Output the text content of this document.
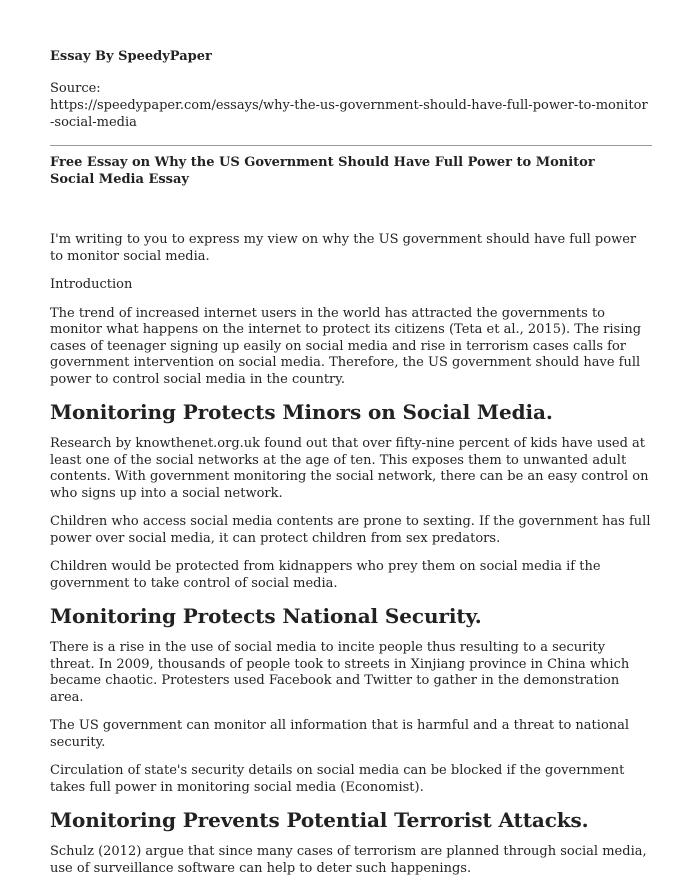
Essay By SpeedyPaper
Source:
https://speedypaper.com/essays/why-the-us-government-should-have-full-power-to-monitor-social-media
Free Essay on Why the US Government Should Have Full Power to Monitor Social Media Essay

I'm writing to you to express my view on why the US government should have full power to monitor social media.

Introduction

The trend of increased internet users in the world has attracted the governments to monitor what happens on the internet to protect its citizens (Teta et al., 2015). The rising cases of teenager signing up easily on social media and rise in terrorism cases calls for government intervention on social media. Therefore, the US government should have full power to control social media in the country.

Monitoring Protects Minors on Social Media.

Research by knowthenet.org.uk found out that over fifty-nine percent of kids have used at least one of the social networks at the age of ten. This exposes them to unwanted adult contents. With government monitoring the social network, there can be an easy control on who signs up into a social network.

Children who access social media contents are prone to sexting. If the government has full power over social media, it can protect children from sex predators.

Children would be protected from kidnappers who prey them on social media if the government to take control of social media.

Monitoring Protects National Security.

There is a rise in the use of social media to incite people thus resulting to a security threat. In 2009, thousands of people took to streets in Xinjiang province in China which became chaotic. Protesters used Facebook and Twitter to gather in the demonstration area.

The US government can monitor all information that is harmful and a threat to national security.

Circulation of state's security details on social media can be blocked if the government takes full power in monitoring social media (Economist).

Monitoring Prevents Potential Terrorist Attacks.

Schulz (2012) argue that since many cases of terrorism are planned through social media, use of surveillance software can help to deter such happenings.
